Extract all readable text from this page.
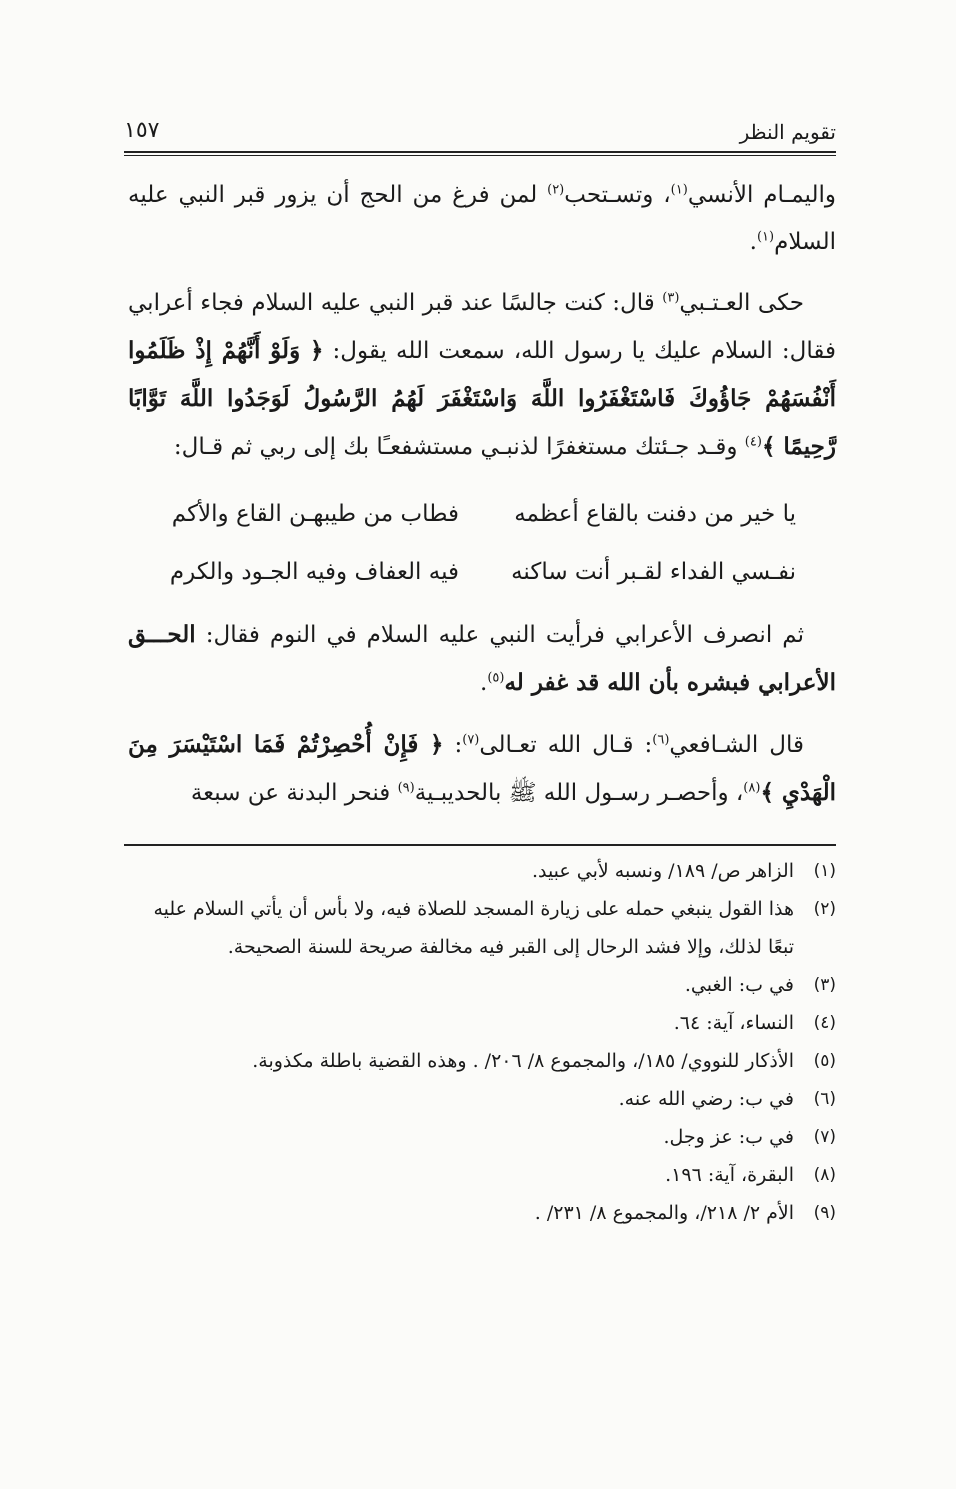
تقويم النظر
١٥٧

واليمـام الأنسي$^{(١)}$، وتسـتحب$^{(٢)}$ لمن فرغ من الحج أن يزور قبر النبي عليه السلام$^{(١)}$.

حكى العـتـبي$^{(٣)}$ قال: كنت جالسًا عند قبر النبي عليه السلام فجاء أعرابي فقال: السلام عليك يا رسول الله، سمعت الله يقول: ﴿ وَلَوْ أَنَّهُمْ إِذْ ظَلَمُوا أَنْفُسَهُمْ جَاؤُوكَ فَاسْتَغْفَرُوا اللَّهَ وَاسْتَغْفَرَ لَهُمُ الرَّسُولُ لَوَجَدُوا اللَّهَ تَوَّابًا رَّحِيمًا ﴾$^{(٤)}$ وقـد جـئتك مستغفرًا لذنبـي مستشفعـًا بك إلى ربي ثم قـال:

يا خير من دفنت بالقاع أعظمه
فطاب من طيبهـن القاع والأكم
نفـسي الفداء لقـبر أنت ساكنه
فيه العفاف وفيه الجـود والكرم

ثم انصرف الأعرابي فرأيت النبي عليه السلام في النوم فقال: الحـــق الأعرابي فبشره بأن الله قد غفر له$^{(٥)}$.

قال الشـافعي$^{(٦)}$: قـال الله تعـالى$^{(٧)}$: ﴿ فَإِنْ أُحْصِرْتُمْ فَمَا اسْتَيْسَرَ مِنَ الْهَدْيِ ﴾$^{(٨)}$، وأحصـر رسـول الله ﷺ بالحديبـية$^{(٩)}$ فنحر البدنة عن سبعة

(١)
الزاهر ص/ ١٨٩/ ونسبه لأبي عبيد.
(٢)
هذا القول ينبغي حمله على زيارة المسجد للصلاة فيه، ولا بأس أن يأتي السلام عليه تبعًا لذلك، وإلا فشد الرحال إلى القبر فيه مخالفة صريحة للسنة الصحيحة.
(٣)
في ب: الغبي.
(٤)
النساء، آية: ٦٤.
(٥)
الأذكار للنووي/ ١٨٥/، والمجموع ٨/ ٢٠٦/ . وهذه القضية باطلة مكذوبة.
(٦)
في ب: رضي الله عنه.
(٧)
في ب: عز وجل.
(٨)
البقرة، آية: ١٩٦.
(٩)
الأم ٢/ ٢١٨/، والمجموع ٨/ ٢٣١/ .
